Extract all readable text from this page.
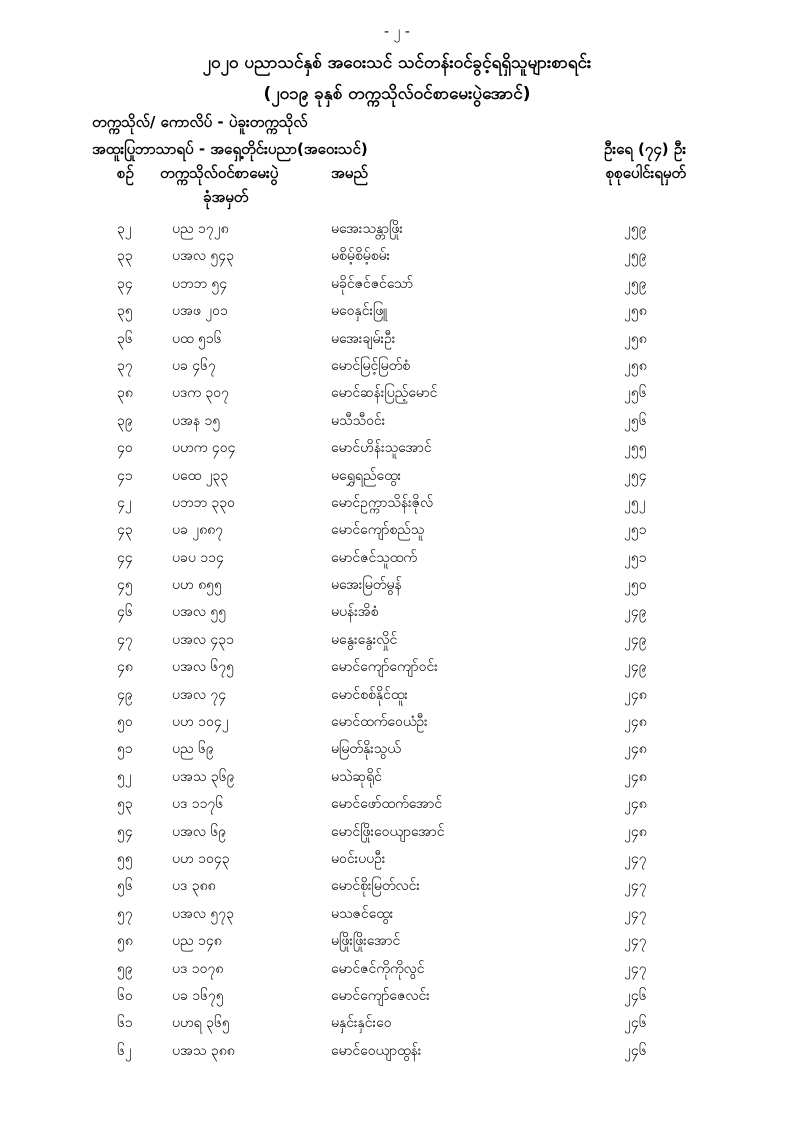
- ၂ -
၂၀၂၀ ပညာသင်နှစ် အဝေးသင် သင်တန်းဝင်ခွင့်ရရှိသူများစာရင်း
(၂၀၁၉ ခုနှစ် တက္ကသိုလ်ဝင်စာမေးပွဲအောင်)
တက္ကသိုလ်/ ကောလိပ် - ပဲခူးတက္ကသိုလ်
အထူးပြုဘာသာရပ် - အရှေ့တိုင်းပညာ(အဝေးသင်)	ဦးရေ (၇၄) ဦး
စဉ် တက္ကသိုလ်ဝင်စာမေးပွဲ
ခုံအမှတ်
အမည်	စုစုပေါင်းရမှတ်
၃၂	ပည ၁၇၂၈	မအေးသန္တာဖြိုး	၂၅၉
၃၃	ပအလ ၅၄၃	မစိမ့်စိမ့်စမ်း	၂၅၉
၃၄	ပဘဘ ၅၄	မခိုင်ဇင်ဇင်သော်	၂၅၉
၃၅	ပအဖ ၂၀၁	မဝေနှင်းဖြူ	၂၅၈
၃၆	ပထ ၅၁၆	မအေးချမ်းဦး	၂၅၈
၃၇	ပခ ၄၆၇	မောင်မြင့်မြတ်စံ	၂၅၈
၃၈	ပဒက ၃၀၇	မောင်ဆန်းပြည့်မောင်	၂၅၆
၃၉	ပအန ၁၅	မသီသီဝင်း	၂၅၆
၄၀	ပဟက ၄၀၄	မောင်ဟိန်းသူအောင်	၂၅၅
၄၁	ပထေ ၂၃၃	မရွှေရည်ထွေး	၂၅၄
၄၂	ပဘဘ ၃၃၀	မောင်ဥက္ကာသိန်းဇိုလ်	၂၅၂
၄၃	ပခ ၂၈၈၇	မောင်ကျော်စည်သူ	၂၅၁
၄၄	ပခပ ၁၁၄	မောင်ဇင်သူထက်	၂၅၁
၄၅	ပဟ ၈၅၅	မအေးမြတ်မွန်	၂၅၀
၄၆	ပအလ ၅၅	မပန်းအိစံ	၂၄၉
၄၇	ပအလ ၄၃၁	မနွေးနွေးလှိုင်	၂၄၉
၄၈	ပအလ ၆၇၅	မောင်ကျော်ကျော်ဝင်း	၂၄၉
၄၉	ပအလ ၇၄	မောင်စစ်နိုင်ထူး	၂၄၈
၅၀	ပဟ ၁၀၄၂	မောင်ထက်ဝေယံဦး	၂၄၈
၅၁	ပည ၆၉	မမြတ်နိုးသွယ်	၂၄၈
၅၂	ပအသ ၃၆၉	မသဲဆုရိုင်	၂၄၈
၅၃	ပဒ ၁၁၇၆	မောင်ဖော်ထက်အောင်	၂၄၈
၅၄	ပအလ ၆၉	မောင်ဖြိုးဝေယျာအောင်	၂၄၈
၅၅	ပဟ ၁၀၄၃	မဝင်းပပဦး	၂၄၇
၅၆	ပဒ ၃၈၈	မောင်စိုးမြတ်လင်း	၂၄၇
၅၇	ပအလ ၅၇၃	မသဇင်ထွေး	၂၄၇
၅၈	ပည ၁၄၈	မဖြိုးဖြိုးအောင်	၂၄၇
၅၉	ပဒ ၁၀၇၈	မောင်ဇင်ကိုကိုလွင်	၂၄၇
၆၀	ပခ ၁၆၇၅	မောင်ကျော်ဇေလင်း	၂၄၆
၆၁	ပဟရ ၃၆၅	မနှင်းနှင်းဝေ	၂၄၆
၆၂	ပအသ ၃၈၈	မောင်ဝေယျာထွန်း	၂၄၆
